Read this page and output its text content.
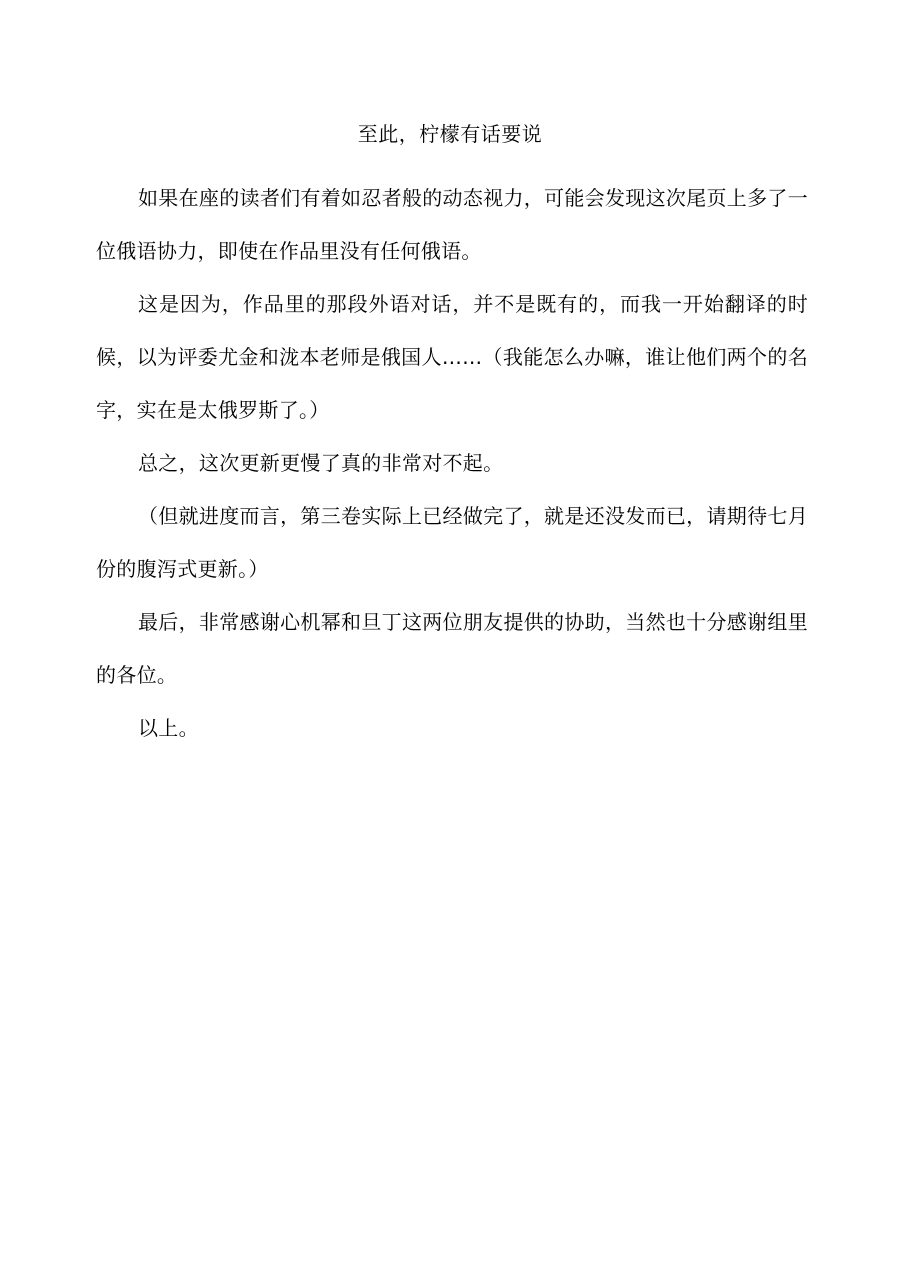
至此，柠檬有话要说

如果在座的读者们有着如忍者般的动态视力，可能会发现这次尾页上多了一位俄语协力，即使在作品里没有任何俄语。

这是因为，作品里的那段外语对话，并不是既有的，而我一开始翻译的时候，以为评委尤金和泷本老师是俄国人……（我能怎么办嘛，谁让他们两个的名字，实在是太俄罗斯了。）

总之，这次更新更慢了真的非常对不起。

（但就进度而言，第三卷实际上已经做完了，就是还没发而已，请期待七月份的腹泻式更新。）

最后，非常感谢心机幂和旦丁这两位朋友提供的协助，当然也十分感谢组里的各位。

以上。
